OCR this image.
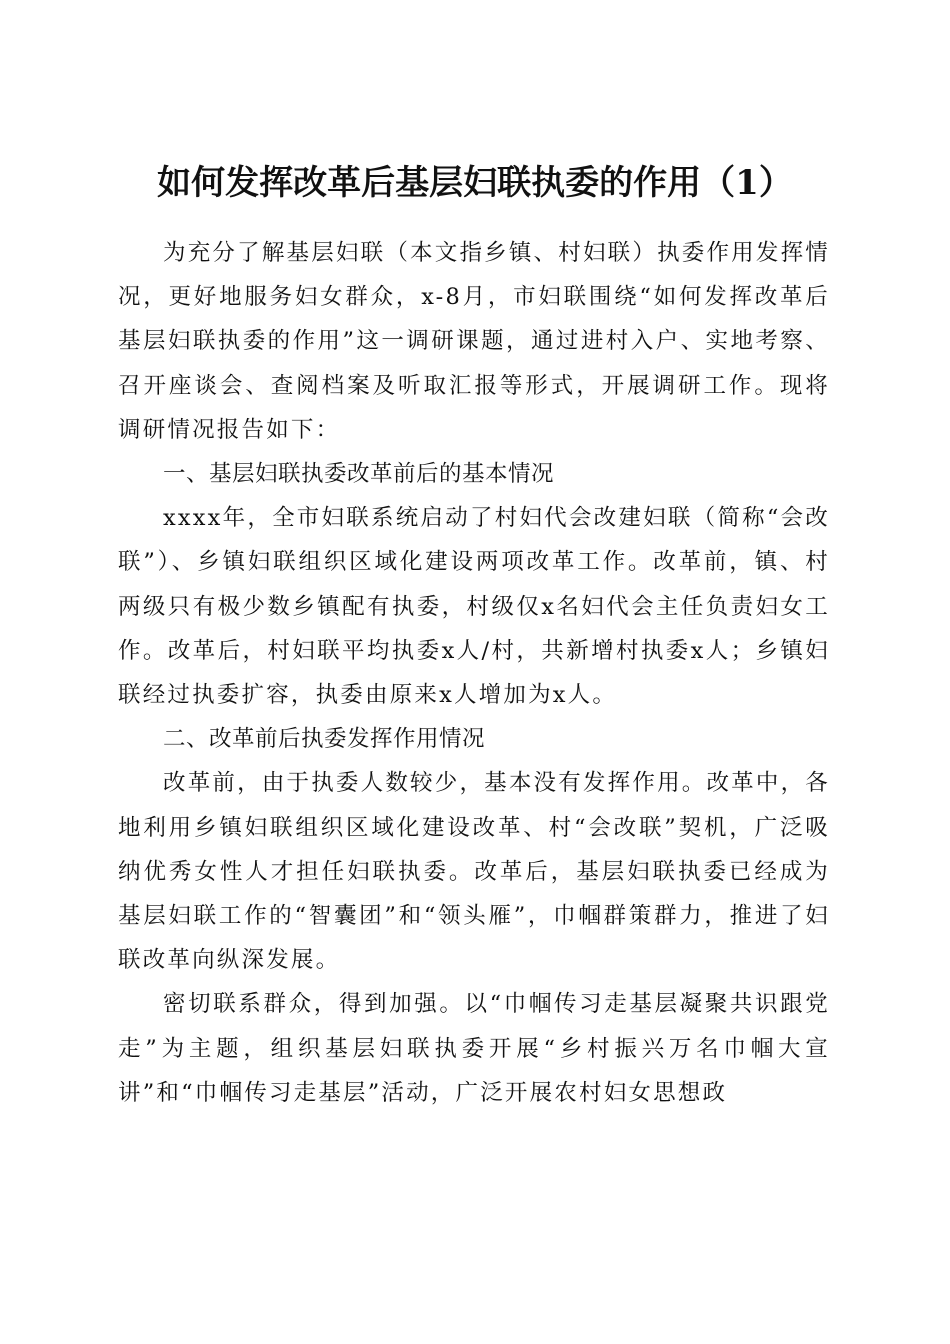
如何发挥改革后基层妇联执委的作用（1）

为充分了解基层妇联（本文指乡镇、村妇联）执委作用发挥情况，更好地服务妇女群众，x-8月，市妇联围绕“如何发挥改革后基层妇联执委的作用”这一调研课题，通过进村入户、实地考察、召开座谈会、查阅档案及听取汇报等形式，开展调研工作。现将调研情况报告如下：

一、基层妇联执委改革前后的基本情况

xxxx年，全市妇联系统启动了村妇代会改建妇联（简称“会改联”）、乡镇妇联组织区域化建设两项改革工作。改革前，镇、村两级只有极少数乡镇配有执委，村级仅x名妇代会主任负责妇女工作。改革后，村妇联平均执委x人/村，共新增村执委x人；乡镇妇联经过执委扩容，执委由原来x人增加为x人。

二、改革前后执委发挥作用情况

改革前，由于执委人数较少，基本没有发挥作用。改革中，各地利用乡镇妇联组织区域化建设改革、村“会改联”契机，广泛吸纳优秀女性人才担任妇联执委。改革后，基层妇联执委已经成为基层妇联工作的“智囊团”和“领头雁”，巾帼群策群力，推进了妇联改革向纵深发展。

密切联系群众，得到加强。以“巾帼传习走基层凝聚共识跟党走”为主题，组织基层妇联执委开展“乡村振兴万名巾帼大宣讲”和“巾帼传习走基层”活动，广泛开展农村妇女思想政
